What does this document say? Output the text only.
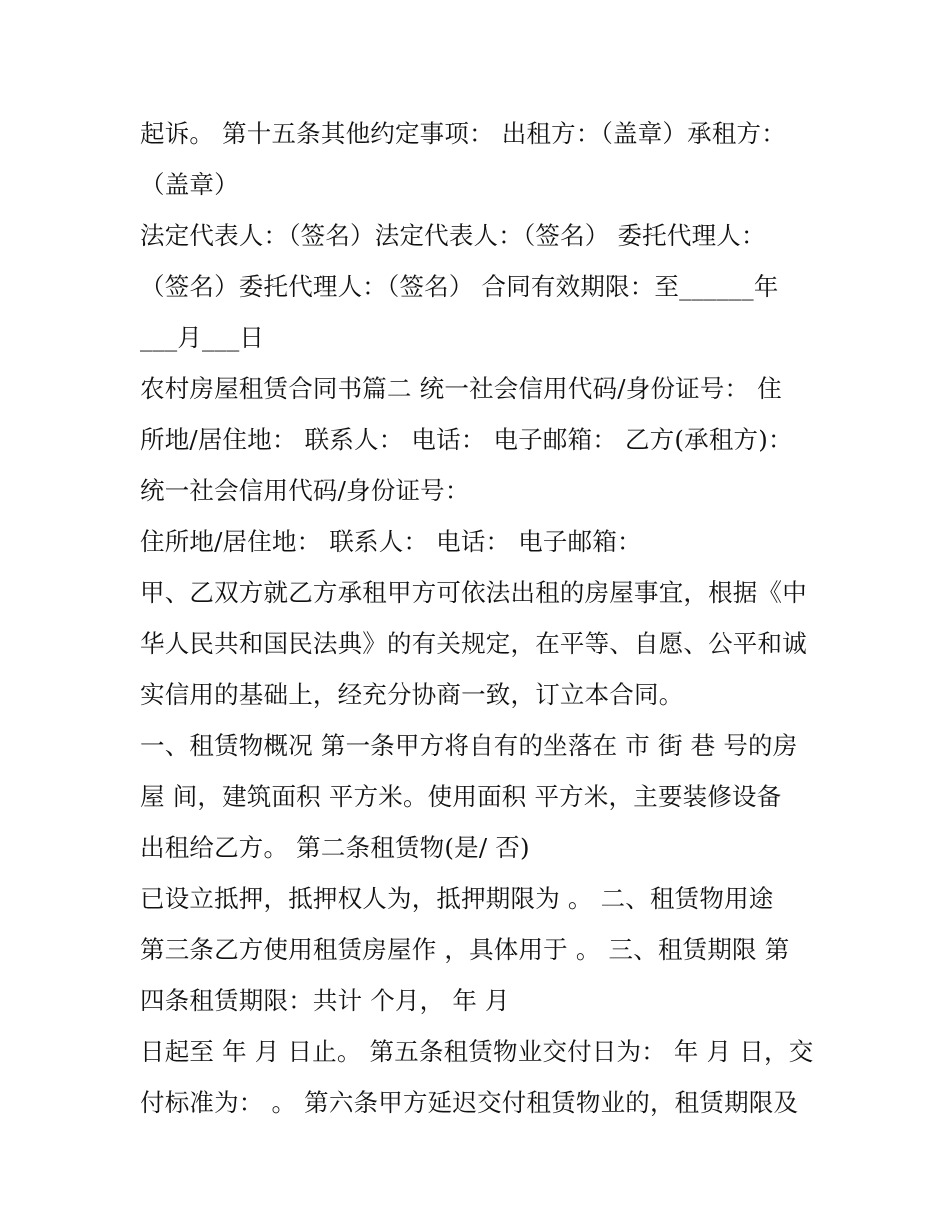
起诉。 第十五条其他约定事项： 出租方：（盖章）承租方：
（盖章）
法定代表人：（签名）法定代表人：（签名） 委托代理人：
（签名）委托代理人：（签名） 合同有效期限：至______年
___月___日
农村房屋租赁合同书篇二 统一社会信用代码/身份证号： 住
所地/居住地： 联系人： 电话： 电子邮箱： 乙方(承租方)：
统一社会信用代码/身份证号：
住所地/居住地： 联系人： 电话： 电子邮箱：
甲、乙双方就乙方承租甲方可依法出租的房屋事宜，根据《中
华人民共和国民法典》的有关规定，在平等、自愿、公平和诚
实信用的基础上，经充分协商一致，订立本合同。
一、租赁物概况 第一条甲方将自有的坐落在 市 街 巷 号的房
屋 间，建筑面积 平方米。使用面积 平方米，主要装修设备
出租给乙方。 第二条租赁物(是/ 否)
已设立抵押，抵押权人为，抵押期限为 。 二、租赁物用途
第三条乙方使用租赁房屋作 ，具体用于 。 三、租赁期限 第
四条租赁期限：共计 个月， 年 月
日起至 年 月 日止。 第五条租赁物业交付日为： 年 月 日，交
付标准为： 。 第六条甲方延迟交付租赁物业的，租赁期限及
